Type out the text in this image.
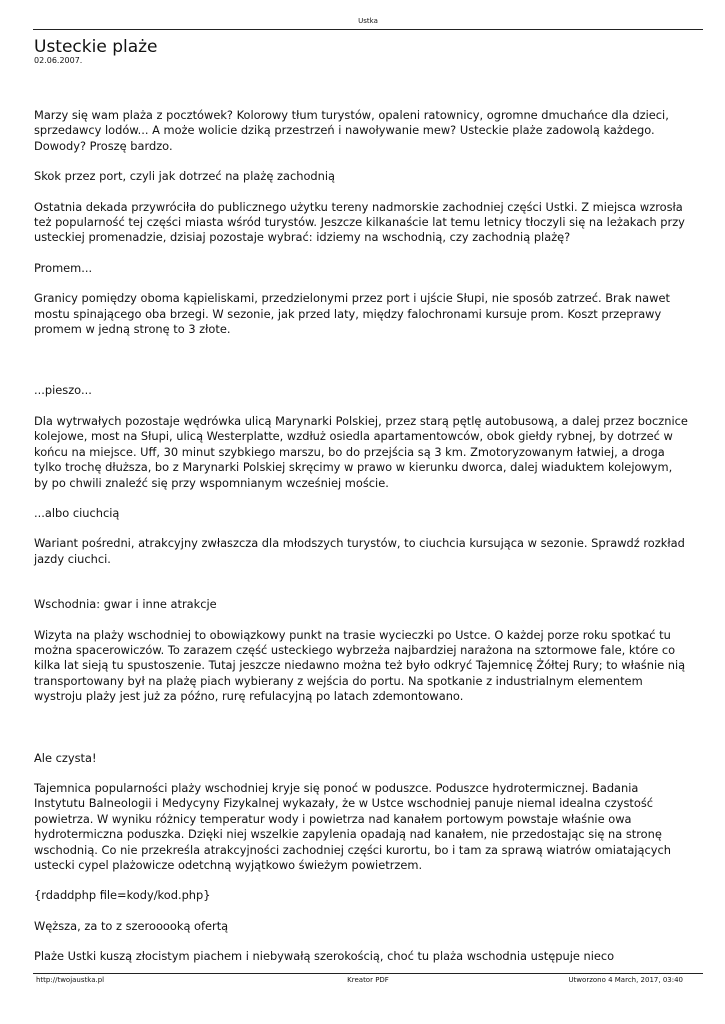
Ustka
Usteckie plaże
02.06.2007.

Marzy się wam plaża z pocztówek? Kolorowy tłum turystów, opaleni ratownicy, ogromne dmuchańce dla dzieci, sprzedawcy lodów... A może wolicie dziką przestrzeń i nawoływanie mew? Usteckie plaże zadowolą każdego. Dowody? Proszę bardzo.

Skok przez port, czyli jak dotrzeć na plażę zachodnią

Ostatnia dekada przywróciła do publicznego użytku tereny nadmorskie zachodniej części Ustki. Z miejsca wzrosła też popularność tej części miasta wśród turystów. Jeszcze kilkanaście lat temu letnicy tłoczyli się na leżakach przy usteckiej promenadzie, dzisiaj pozostaje wybrać: idziemy na wschodnią, czy zachodnią plażę?

Promem...

Granicy pomiędzy oboma kąpieliskami, przedzielonymi przez port i ujście Słupi, nie sposób zatrzeć. Brak nawet mostu spinającego oba brzegi. W sezonie, jak przed laty, między falochronami kursuje prom. Koszt przeprawy promem w jedną stronę to 3 złote.

...pieszo...

Dla wytrwałych pozostaje wędrówka ulicą Marynarki Polskiej, przez starą pętlę autobusową, a dalej przez bocznice kolejowe, most na Słupi, ulicą Westerplatte, wzdłuż osiedla apartamentowców, obok giełdy rybnej, by dotrzeć w końcu na miejsce. Uff, 30 minut szybkiego marszu, bo do przejścia są 3 km. Zmotoryzowanym łatwiej, a droga tylko trochę dłuższa, bo z Marynarki Polskiej skręcimy w prawo w kierunku dworca, dalej wiaduktem kolejowym, by po chwili znaleźć się przy wspomnianym wcześniej moście.

...albo ciuchcią

Wariant pośredni, atrakcyjny zwłaszcza dla młodszych turystów, to ciuchcia kursująca w sezonie. Sprawdź rozkład jazdy ciuchci.

Wschodnia: gwar i inne atrakcje

Wizyta na plaży wschodniej to obowiązkowy punkt na trasie wycieczki po Ustce. O każdej porze roku spotkać tu można spacerowiczów. To zarazem część usteckiego wybrzeża najbardziej narażona na sztormowe fale, które co kilka lat sieją tu spustoszenie. Tutaj jeszcze niedawno można też było odkryć Tajemnicę Żółtej Rury; to właśnie nią transportowany był na plażę piach wybierany z wejścia do portu. Na spotkanie z industrialnym elementem wystroju plaży jest już za późno, rurę refulacyjną po latach zdemontowano.

Ale czysta!

Tajemnica popularności plaży wschodniej kryje się ponoć w poduszce. Poduszce hydrotermicznej. Badania Instytutu Balneologii i Medycyny Fizykalnej wykazały, że w Ustce wschodniej panuje niemal idealna czystość powietrza. W wyniku różnicy temperatur wody i powietrza nad kanałem portowym powstaje właśnie owa hydrotermiczna poduszka. Dzięki niej wszelkie zapylenia opadają nad kanałem, nie przedostając się na stronę wschodnią. Co nie przekreśla atrakcyjności zachodniej części kurortu, bo i tam za sprawą wiatrów omiatających ustecki cypel plażowicze odetchną wyjątkowo świeżym powietrzem.

{rdaddphp file=kody/kod.php}

Węższa, za to z szerooooką ofertą

Plaże Ustki kuszą złocistym piachem i niebywałą szerokością, choć tu plaża wschodnia ustępuje nieco

http://twojaustka.pl	Kreator PDF	Utworzono 4 March, 2017, 03:40
